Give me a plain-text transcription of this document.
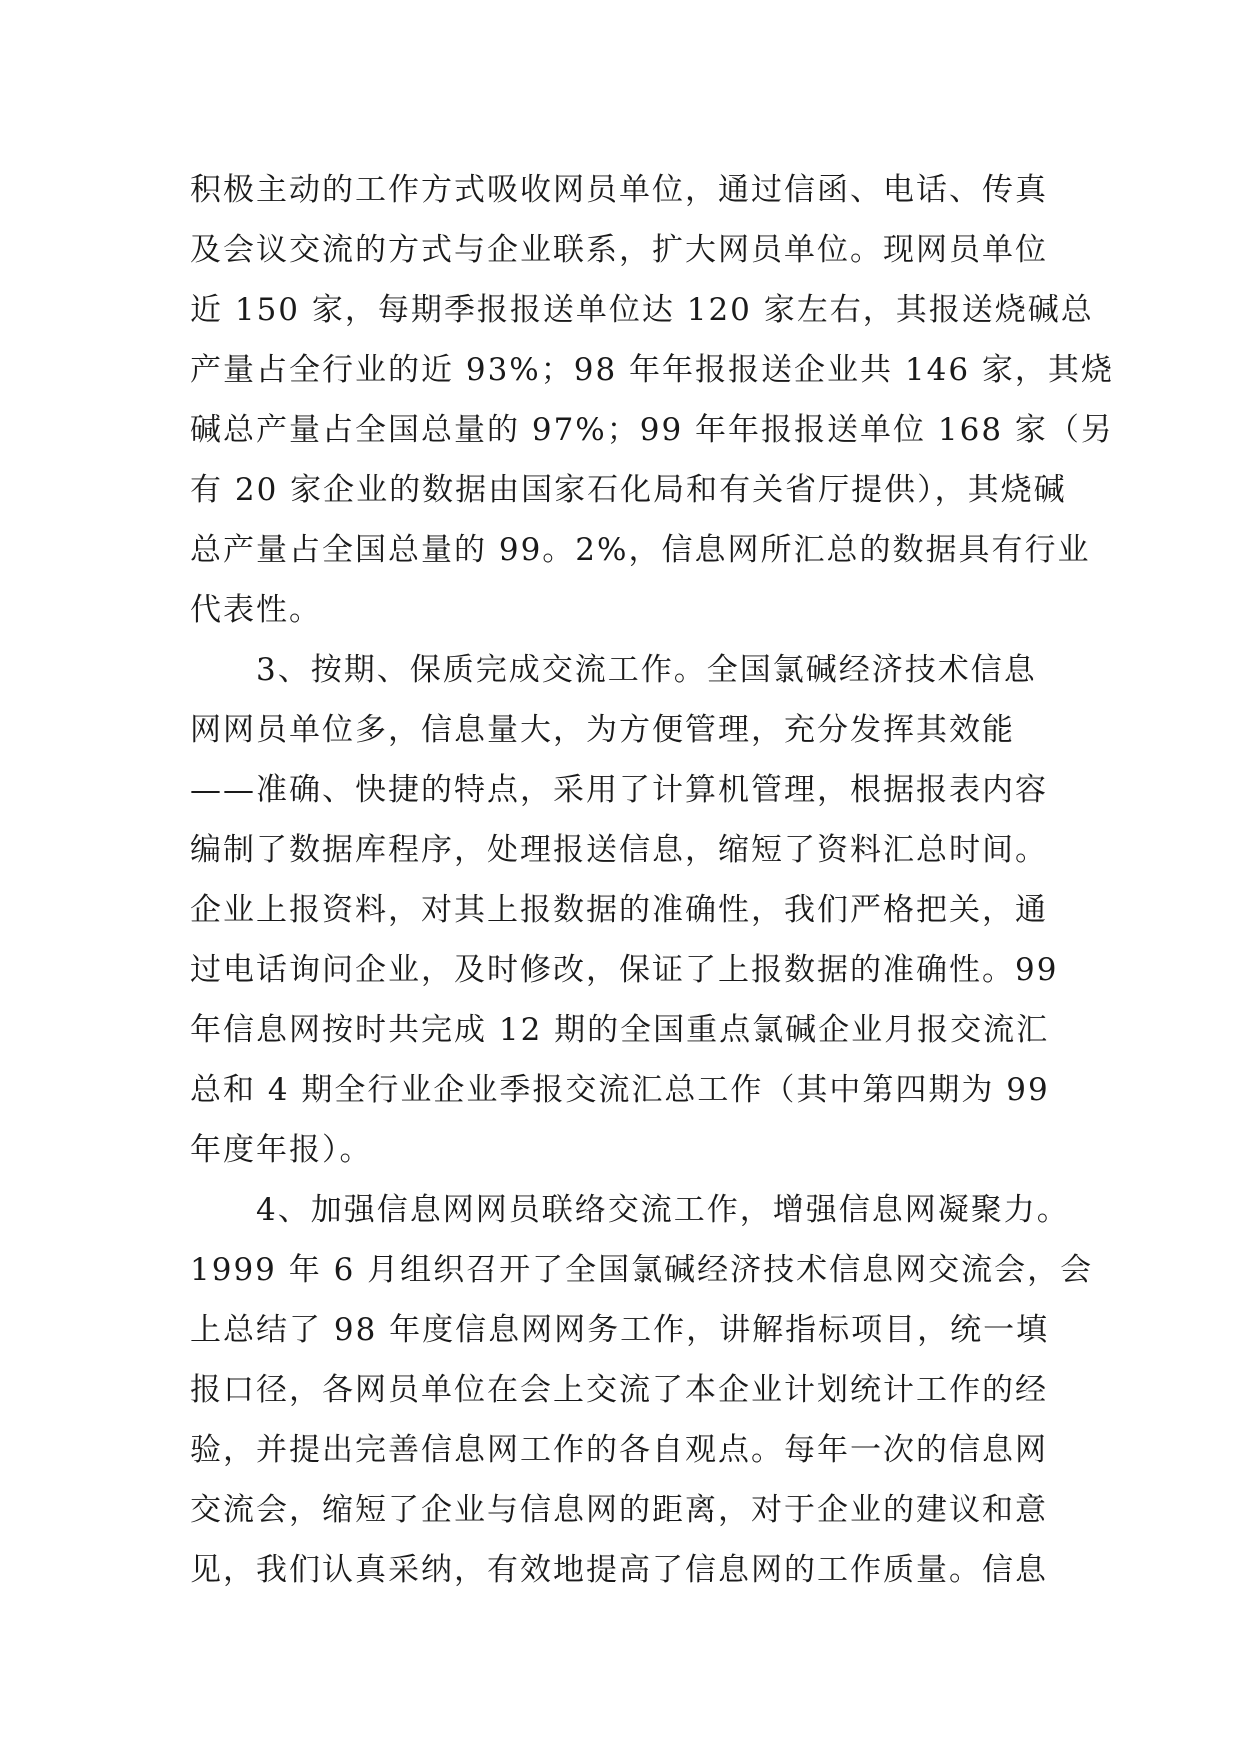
积极主动的工作方式吸收网员单位，通过信函、电话、传真
及会议交流的方式与企业联系，扩大网员单位。现网员单位
近 150 家，每期季报报送单位达 120 家左右，其报送烧碱总
产量占全行业的近 93%；98 年年报报送企业共 146 家，其烧
碱总产量占全国总量的 97%；99 年年报报送单位 168 家（另
有 20 家企业的数据由国家石化局和有关省厅提供），其烧碱
总产量占全国总量的 99。2%，信息网所汇总的数据具有行业
代表性。
　　3、按期、保质完成交流工作。全国氯碱经济技术信息
网网员单位多，信息量大，为方便管理，充分发挥其效能
——准确、快捷的特点，采用了计算机管理，根据报表内容
编制了数据库程序，处理报送信息，缩短了资料汇总时间。
企业上报资料，对其上报数据的准确性，我们严格把关，通
过电话询问企业，及时修改，保证了上报数据的准确性。99
年信息网按时共完成 12 期的全国重点氯碱企业月报交流汇
总和 4 期全行业企业季报交流汇总工作（其中第四期为 99
年度年报）。
　　4、加强信息网网员联络交流工作，增强信息网凝聚力。
1999 年 6 月组织召开了全国氯碱经济技术信息网交流会，会
上总结了 98 年度信息网网务工作，讲解指标项目，统一填
报口径，各网员单位在会上交流了本企业计划统计工作的经
验，并提出完善信息网工作的各自观点。每年一次的信息网
交流会，缩短了企业与信息网的距离，对于企业的建议和意
见，我们认真采纳，有效地提高了信息网的工作质量。信息
